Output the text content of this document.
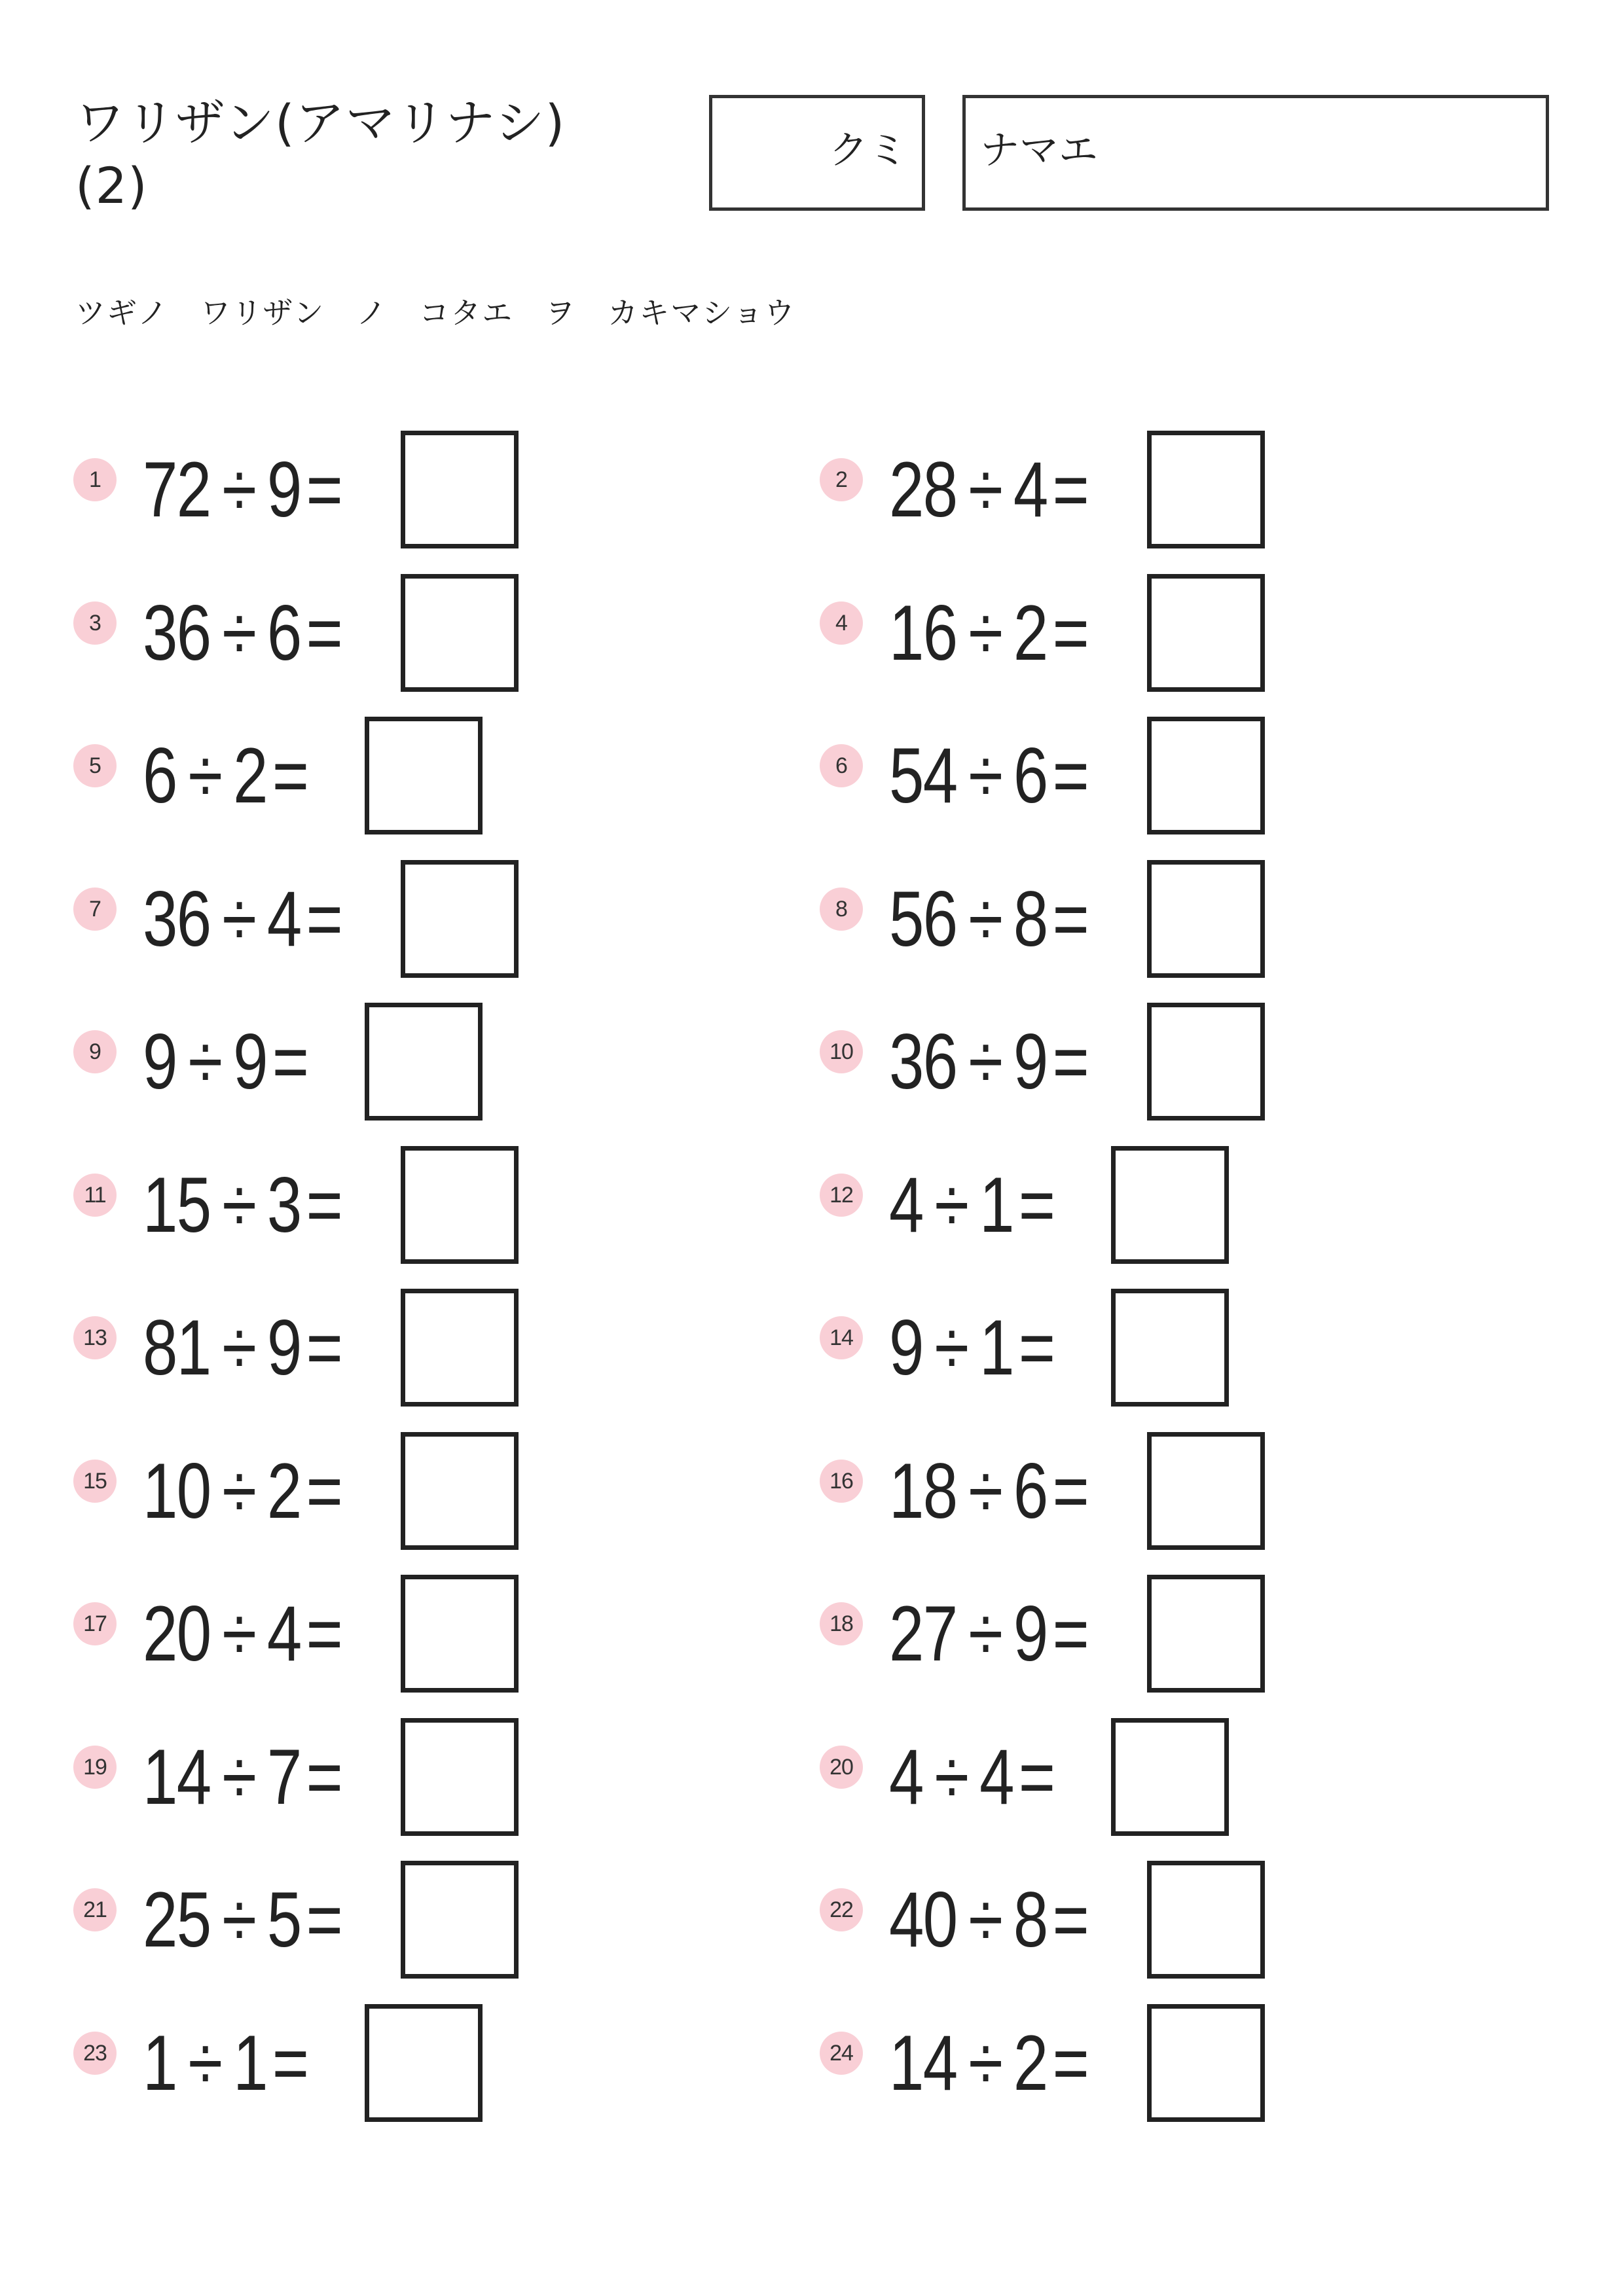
ワリザン(アマリナシ)
(2)
クミ ナマエ
ツギノ　ワリザン　ノ　コタエ　ヲ　カキマショウ
1 72 ÷ 9=	2 28 ÷ 4=
3 36 ÷ 6=	4 16 ÷ 2=
5 6 ÷ 2=	6 54 ÷ 6=
7 36 ÷ 4=	8 56 ÷ 8=
9 9 ÷ 9=	10 36 ÷ 9=
11 15 ÷ 3=	12 4 ÷ 1=
13 81 ÷ 9=	14 9 ÷ 1=
15 10 ÷ 2=	16 18 ÷ 6=
17 20 ÷ 4=	18 27 ÷ 9=
19 14 ÷ 7=	20 4 ÷ 4=
21 25 ÷ 5=	22 40 ÷ 8=
23 1 ÷ 1=	24 14 ÷ 2=
